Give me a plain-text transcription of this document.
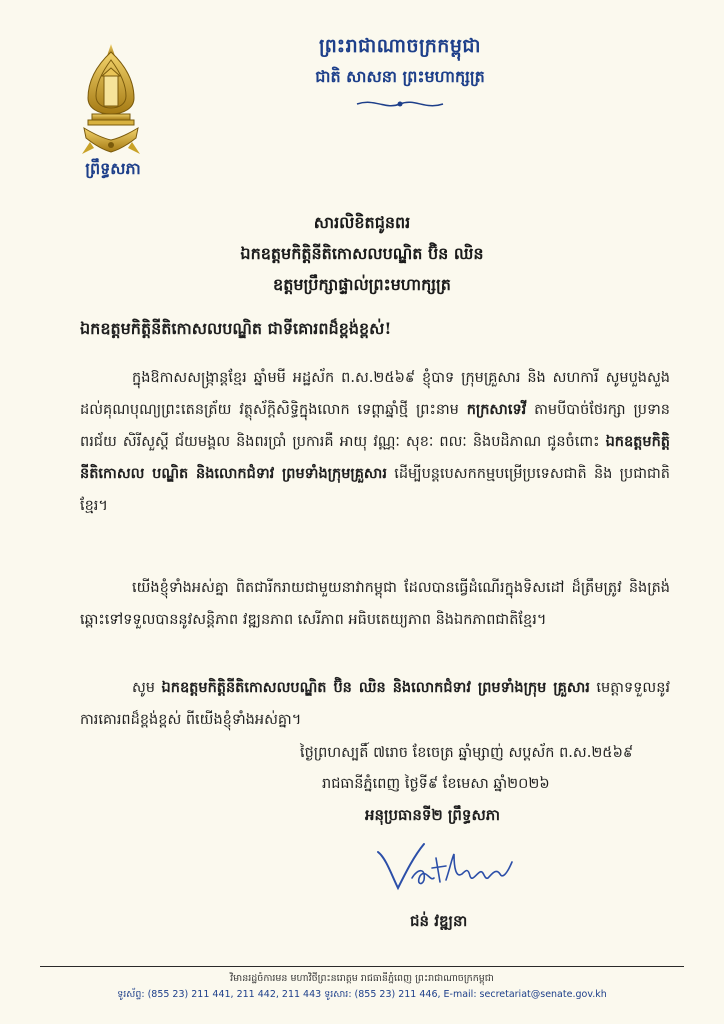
ព្រឹទ្ធសភា
ព្រះរាជាណាចក្រកម្ពុជា
ជាតិ សាសនា ព្រះមហាក្សត្រ
សារលិខិតជូនពរ
ឯកឧត្តមកិត្តិនីតិកោសលបណ្ឌិត ប៊ិន ឈិន
ឧត្តមប្រឹក្សាផ្ទាល់ព្រះមហាក្សត្រ
ឯកឧត្តមកិត្តិនីតិកោសលបណ្ឌិត ជាទីគោរពដ៏ខ្ពង់ខ្ពស់!
ក្នុងឱកាសសង្ក្រាន្តខ្មែរ ឆ្នាំមមី អដ្ឋស័ក ព.ស.២៥៦៩ ខ្ញុំបាទ ក្រុមគ្រួសារ និង សហការី សូមបួងសួងដល់គុណបុណ្យព្រះតេនត្រ័យ វត្ថុស័ក្តិសិទ្ធិក្នុងលោក ទេព្តាឆ្នាំថ្មី ព្រះនាម កក្រសាទេវី តាមបីបាច់ថែរក្សា ប្រទានពរជ័យ សិរីសួស្តី ជ័យមង្គល និងពរប្រាំ ប្រការគឺ អាយុ វណ្ណៈ សុខៈ ពលៈ និងបដិភាណ ជូនចំពោះ ឯកឧត្តមកិត្តិនីតិកោសល បណ្ឌិត និងលោកជំទាវ ព្រមទាំងក្រុមគ្រួសារ ដើម្បីបន្តបេសកកម្មបម្រើប្រទេសជាតិ និង ប្រជាជាតិខ្មែរ។
យើងខ្ញុំទាំងអស់គ្នា ពិតជារីករាយជាមួយនាវាកម្ពុជា ដែលបានធ្វើដំណើរក្នុងទិសដៅ ដ៏ត្រឹមត្រូវ និងត្រង់ឆ្ពោះទៅទទួលបាននូវសន្តិភាព វឌ្ឍនភាព សេរីភាព អធិបតេយ្យភាព និងឯកភាពជាតិខ្មែរ។
សូម ឯកឧត្តមកិត្តិនីតិកោសលបណ្ឌិត ប៊ិន ឈិន និងលោកជំទាវ ព្រមទាំងក្រុម គ្រួសារ មេត្តាទទួលនូវការគោរពដ៏ខ្ពង់ខ្ពស់ ពីយើងខ្ញុំទាំងអស់គ្នា។
ថ្ងៃព្រហស្បតិ៍ ៧រោច ខែចេត្រ ឆ្នាំម្សាញ់ សប្តស័ក ព.ស.២៥៦៩
រាជធានីភ្នំពេញ ថ្ងៃទី៩ ខែមេសា ឆ្នាំ២០២៦
អនុប្រធានទី២ ព្រឹទ្ធសភា
ជន់ វឌ្ឍនា
វិមានរដ្ឋចំការមន មហាវិថីព្រះនរោត្តម រាជធានីភ្នំពេញ ព្រះរាជាណាចក្រកម្ពុជា
ទូរស័ព្ទ: (855 23) 211 441, 211 442, 211 443 ទូរសារ: (855 23) 211 446, E-mail: secretariat@senate.gov.kh
